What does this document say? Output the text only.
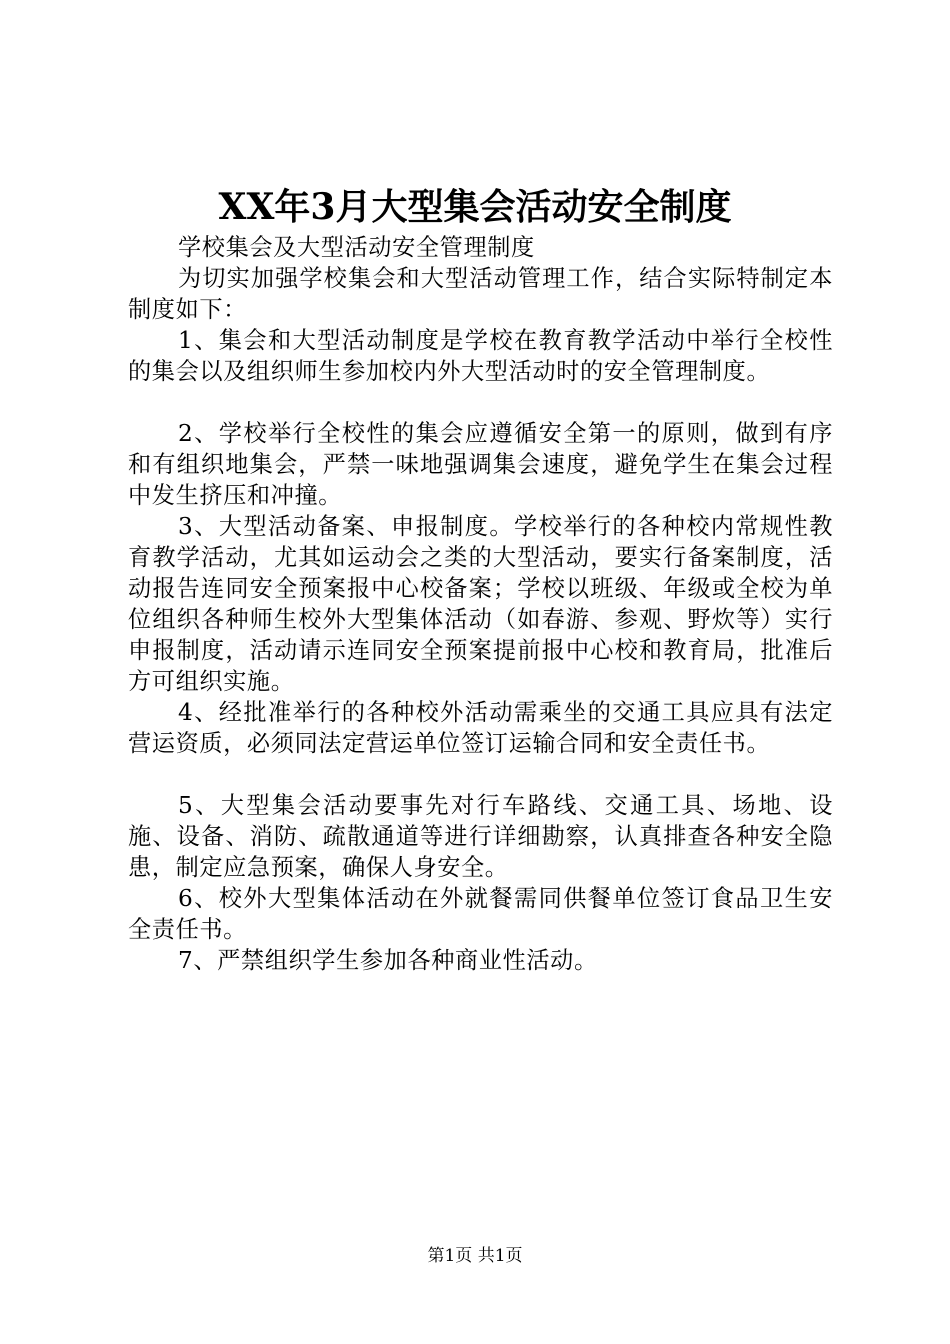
XX年3月大型集会活动安全制度

学校集会及大型活动安全管理制度

为切实加强学校集会和大型活动管理工作，结合实际特制定本制度如下：

1、集会和大型活动制度是学校在教育教学活动中举行全校性的集会以及组织师生参加校内外大型活动时的安全管理制度。

2、学校举行全校性的集会应遵循安全第一的原则，做到有序和有组织地集会，严禁一味地强调集会速度，避免学生在集会过程中发生挤压和冲撞。

3、大型活动备案、申报制度。学校举行的各种校内常规性教育教学活动，尤其如运动会之类的大型活动，要实行备案制度，活动报告连同安全预案报中心校备案；学校以班级、年级或全校为单位组织各种师生校外大型集体活动（如春游、参观、野炊等）实行申报制度，活动请示连同安全预案提前报中心校和教育局，批准后方可组织实施。

4、经批准举行的各种校外活动需乘坐的交通工具应具有法定营运资质，必须同法定营运单位签订运输合同和安全责任书。

5、大型集会活动要事先对行车路线、交通工具、场地、设施、设备、消防、疏散通道等进行详细勘察，认真排查各种安全隐患，制定应急预案，确保人身安全。

6、校外大型集体活动在外就餐需同供餐单位签订食品卫生安全责任书。

7、严禁组织学生参加各种商业性活动。

第1页 共1页
